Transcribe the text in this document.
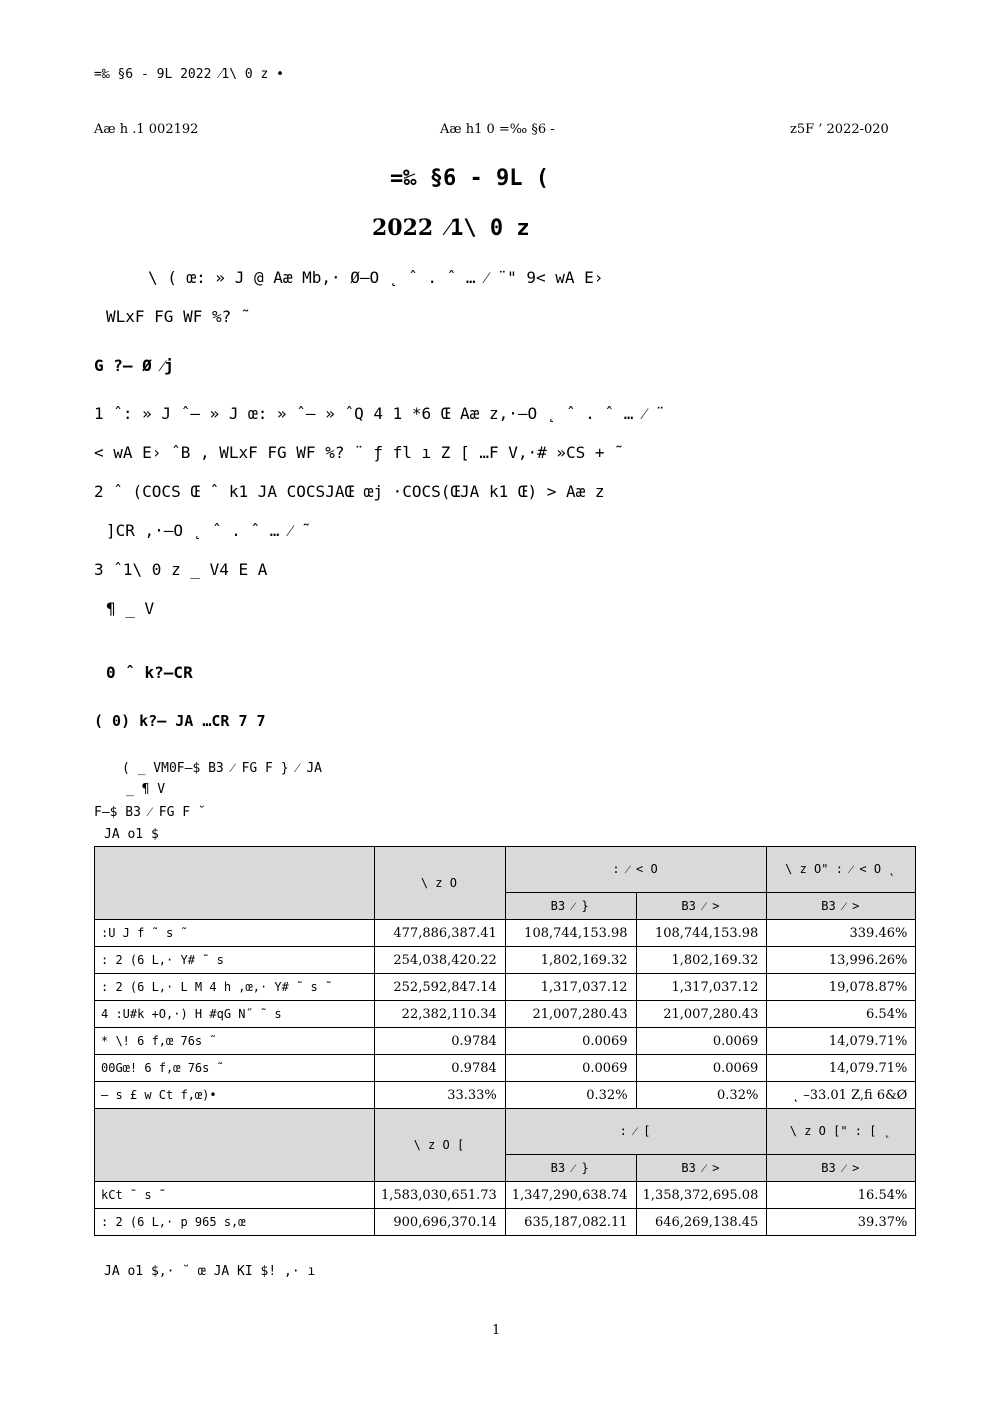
=‰ §6 - 9L 2022 ⁄1\ 0 z •
Aæ h .1 002192	Aæ h1 0 =‰ §6 -	z5F ’ 2022-020
=‰ §6 - 9L (
2022 ⁄1\ 0 z
\ ( œ: » J @ Aæ Mb,· Ø–O ˛ ˆ . ˆ … ⁄ ¨" 9< wA E›
WLxF FG WF %? ˜
G ?– Ø ⁄j
1 ˆ: » J ˆ– » J œ: » ˆ– » ˆQ 4 1 *6 Œ Aæ z,·–O ˛ ˆ . ˆ … ⁄ ¨
< wA E› ˆB , WLxF FG WF %? ¨ ƒ fl ı Z [ …F V,·# »CS + ˜
2 ˆ (COCS Œ ˆ k1 JA COCSJAŒ œj ·COCS(ŒJA k1 Œ) > Aæ z
]CR ,·–O ˛ ˆ . ˆ … ⁄ ˜
3 ˆ1\ 0 z _ V4 E A
¶ _ V
0 ˆ k?–CR
( 0) k?– JA …CR 7 7
( _ VM0F–$ B3 ⁄ FG F } ⁄ JA
_ ¶ V
F–$ B3 ⁄ FG F ˘
JA o1 $
	\ z O	: ⁄ < O		\ z O" : ⁄ < O ˛
		B3 ⁄ }	B3 ⁄ >	B3 ⁄ >
:U J f ˜ s ˜	477,886,387.41	108,744,153.98	108,744,153.98	339.46%
: 2 (6 L,· Y# ˜ s	254,038,420.22	1,802,169.32	1,802,169.32	13,996.26%
: 2 (6 L,· L M 4 h ,œ,· Y# ˜ s ˜	252,592,847.14	1,317,037.12	1,317,037.12	19,078.87%
4 :U#k +O,·) H #qG N˝ ˜ s	22,382,110.34	21,007,280.43	21,007,280.43	6.54%
* \! 6 f,œ 76s ˜	0.9784	0.0069	0.0069	14,079.71%
00Gœ! 6 f,œ 76s ˜	0.9784	0.0069	0.0069	14,079.71%
– s £ w Ct f,œ)•	33.33%	0.32%	0.32%	˛ –33.01 Z,fi 6&Ø
	\ z O [	: ⁄ [		\ z O [" : [ ˛
		B3 ⁄ }	B3 ⁄ >	B3 ⁄ >
kCt ˜ s ˜	1,583,030,651.73	1,347,290,638.74	1,358,372,695.08	16.54%
: 2 (6 L,· p 965 s,œ	900,696,370.14	635,187,082.11	646,269,138.45	39.37%
JA o1 $,· ˘ œ JA KI $! ,· ı
1
